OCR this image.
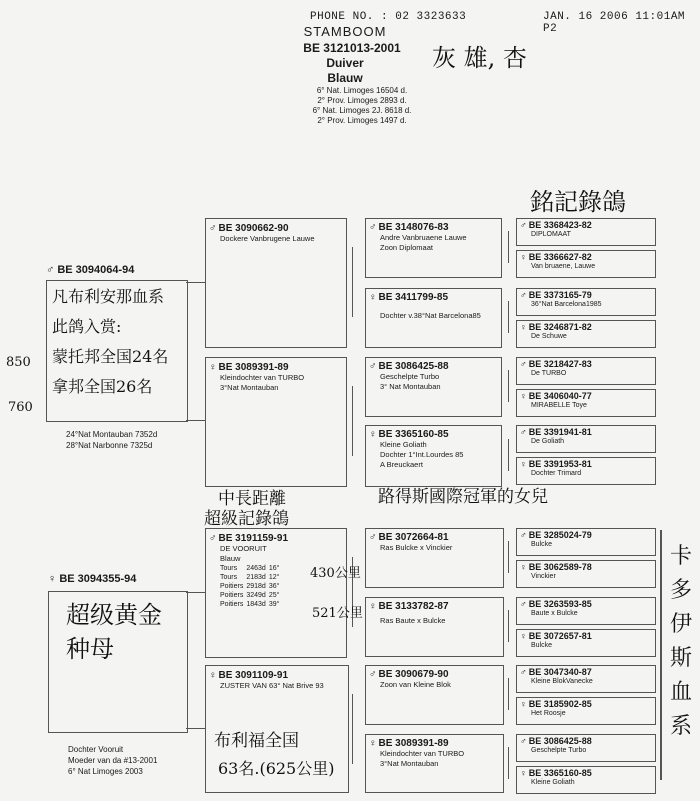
PHONE NO. : 02 3323633	JAN. 16 2006 11:01AM P2
STAMBOOM
BE 3121013-2001
Duiver
Blauw
6° Nat. Limoges 16504 d.
2° Prov. Limoges 2893 d.
6° Nat. Limoges 2J. 8618 d.
2° Prov. Limoges 1497 d.
灰 雄, 杏
♂ BE 3094064-94
凡布利安那血系
此鸽入赏:
蒙托邦全国24名
拿邦全国26名
850
760
24°Nat Montauban 7352d
28°Nat Narbonne 7325d
♀ BE 3094355-94
超级黄金
种母
Dochter Vooruit
Moeder van da #13-2001
6° Nat Limoges 2003
♂ BE 3090662-90
Dockere Vanbrugene Lauwe
♀ BE 3089391-89
Kleindochter van TURBO
3°Nat Montauban
♂ BE 3191159-91
DE VOORUIT
Blauw
Tours	2463d	16°
Tours	2183d	12°
Poitiers	2918d	36°
Poitiers	3249d	25°
Poitiers	1843d	39°
♀ BE 3091109-91
ZUSTER VAN 63° Nat Brive 93
♂ BE 3148076-83
Andre Vanbruaene Lauwe
Zoon Diplomaat
♀ BE 3411799-85
Dochter v.38°Nat Barcelona85
♂ BE 3086425-88
Geschelpte Turbo
3° Nat Montauban
♀ BE 3365160-85
Kleine Goliath
Dochter 1°Int.Lourdes 85
A Breuckaert
♂ BE 3072664-81
Ras Bulcke x Vinckier
♀ BE 3133782-87
Ras Baute x Bulcke
♂ BE 3090679-90
Zoon van Kleine Blok
♀ BE 3089391-89
Kleindochter van TURBO
3°Nat Montauban
♂ BE 3368423-82
DIPLOMAAT
♀ BE 3366627-82
Van bruaene, Lauwe
♂ BE 3373165-79
36°Nat Barcelona1985
♀ BE 3246871-82
De Schuwe
♂ BE 3218427-83
De TURBO
♀ BE 3406040-77
MIRABELLE Toye
♂ BE 3391941-81
De Goliath
♀ BE 3391953-81
Dochter Trimard
♂ BE 3285024-79
Bulcke
♀ BE 3062589-78
Vinckier
♂ BE 3263593-85
Baute x Bulcke
♀ BE 3072657-81
Bulcke
♂ BE 3047340-87
Kleine BlokVanecke
♀ BE 3185902-85
Het Roosje
♂ BE 3086425-88
Geschelpte Turbo
♀ BE 3365160-85
Kleine Goliath
銘記錄鴿
中長距離
超級記錄鴿
路得斯國際冠軍的女兒
430公里
521公里
布利福全国
63名.(625公里)
卡多伊斯血系
